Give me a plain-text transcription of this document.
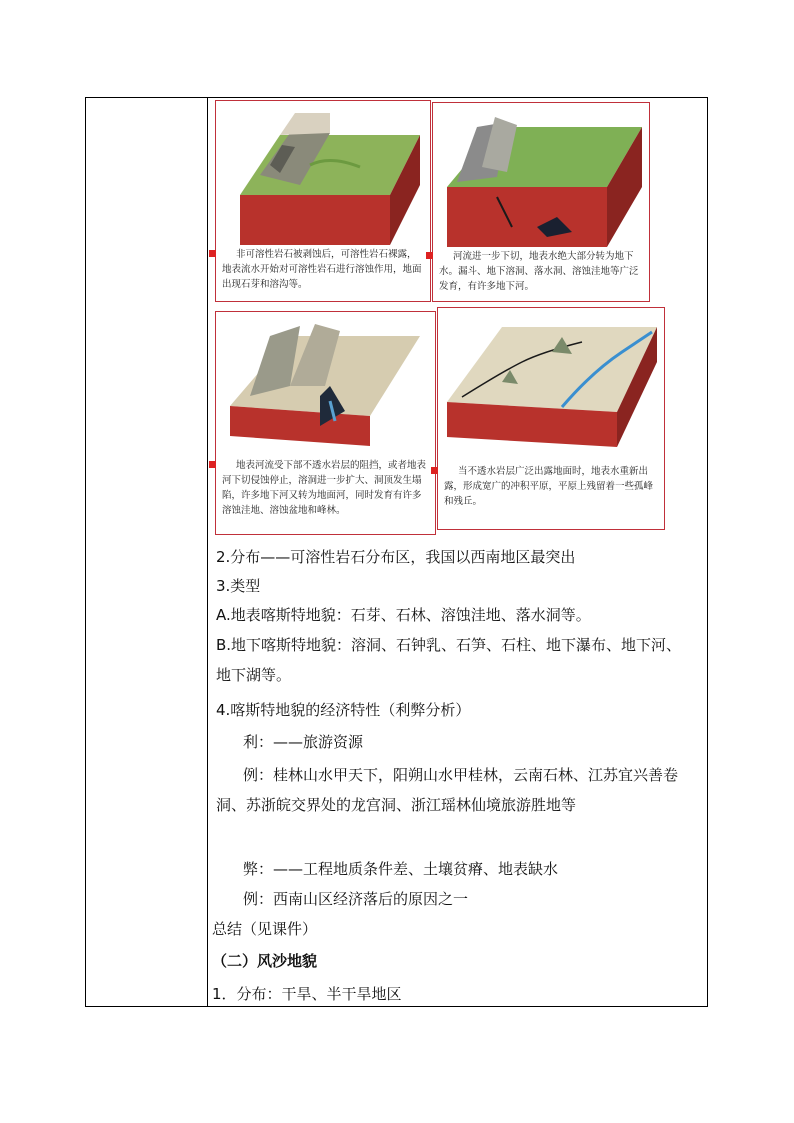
非可溶性岩石被剥蚀后，可溶性岩石裸露，地表流水开始对可溶性岩石进行溶蚀作用，地面出现石芽和溶沟等。
河流进一步下切，地表水绝大部分转为地下水。漏斗、地下溶洞、落水洞、溶蚀洼地等广泛发育，有许多地下河。
地表河流受下部不透水岩层的阻挡，或者地表河下切侵蚀停止，溶洞进一步扩大、洞顶发生塌陷，许多地下河又转为地面河，同时发育有许多溶蚀洼地、溶蚀盆地和峰林。
当不透水岩层广泛出露地面时，地表水重新出露，形成宽广的冲积平原，平原上残留着一些孤峰和残丘。
2.分布——可溶性岩石分布区，我国以西南地区最突出
3.类型
A.地表喀斯特地貌：石芽、石林、溶蚀洼地、落水洞等。
B.地下喀斯特地貌：溶洞、石钟乳、石笋、石柱、地下瀑布、地下河、
地下湖等。
4.喀斯特地貌的经济特性（利弊分析）
利：——旅游资源
例：桂林山水甲天下，阳朔山水甲桂林，云南石林、江苏宜兴善卷
洞、苏浙皖交界处的龙宫洞、浙江瑶林仙境旅游胜地等
弊：——工程地质条件差、土壤贫瘠、地表缺水
例：西南山区经济落后的原因之一
总结（见课件）
（二）风沙地貌
1．分布：干旱、半干旱地区
